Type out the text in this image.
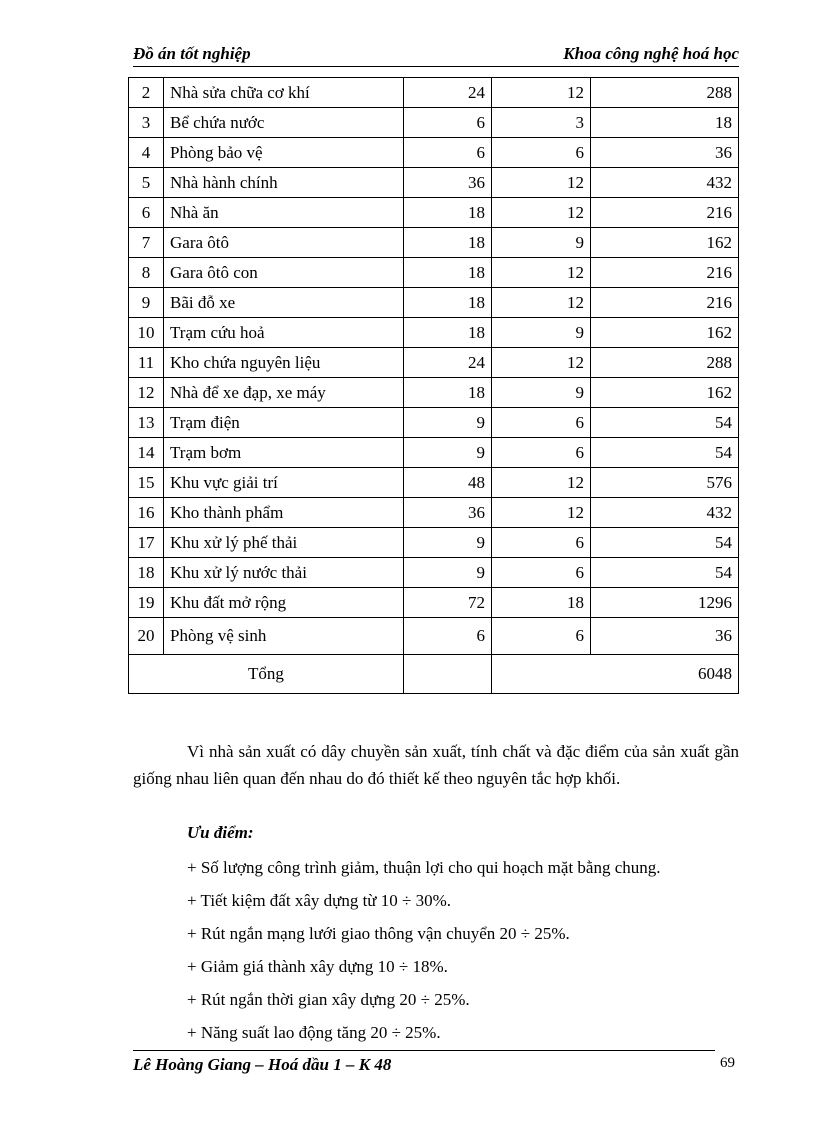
Đồ án tốt nghiệp	Khoa công nghệ hoá học
2	Nhà sửa chữa cơ khí	24	12	288
3	Bể chứa nước	6	3	18
4	Phòng bảo vệ	6	6	36
5	Nhà hành chính	36	12	432
6	Nhà ăn	18	12	216
7	Gara ôtô	18	9	162
8	Gara ôtô con	18	12	216
9	Bãi đỗ xe	18	12	216
10	Trạm cứu hoả	18	9	162
11	Kho chứa nguyên liệu	24	12	288
12	Nhà để xe đạp, xe máy	18	9	162
13	Trạm điện	9	6	54
14	Trạm bơm	9	6	54
15	Khu vực giải trí	48	12	576
16	Kho thành phẩm	36	12	432
17	Khu xử lý phế thải	9	6	54
18	Khu xử lý nước thải	9	6	54
19	Khu đất mở rộng	72	18	1296
20	Phòng vệ sinh	6	6	36
Tổng			6048	

Vì nhà sản xuất có dây chuyền sản xuất, tính chất và đặc điểm của sản xuất gần giống nhau liên quan đến nhau do đó thiết kế theo nguyên tắc hợp khối.

Ưu điểm:
+ Số lượng công trình giảm, thuận lợi cho qui hoạch mặt bằng chung.
+ Tiết kiệm đất xây dựng từ 10 ÷ 30%.
+ Rút ngắn mạng lưới giao thông vận chuyển 20 ÷ 25%.
+ Giảm giá thành xây dựng 10 ÷ 18%.
+ Rút ngắn thời gian xây dựng 20 ÷ 25%.
+ Năng suất lao động tăng 20 ÷ 25%.
Lê Hoàng Giang – Hoá dầu 1 – K 48	69
